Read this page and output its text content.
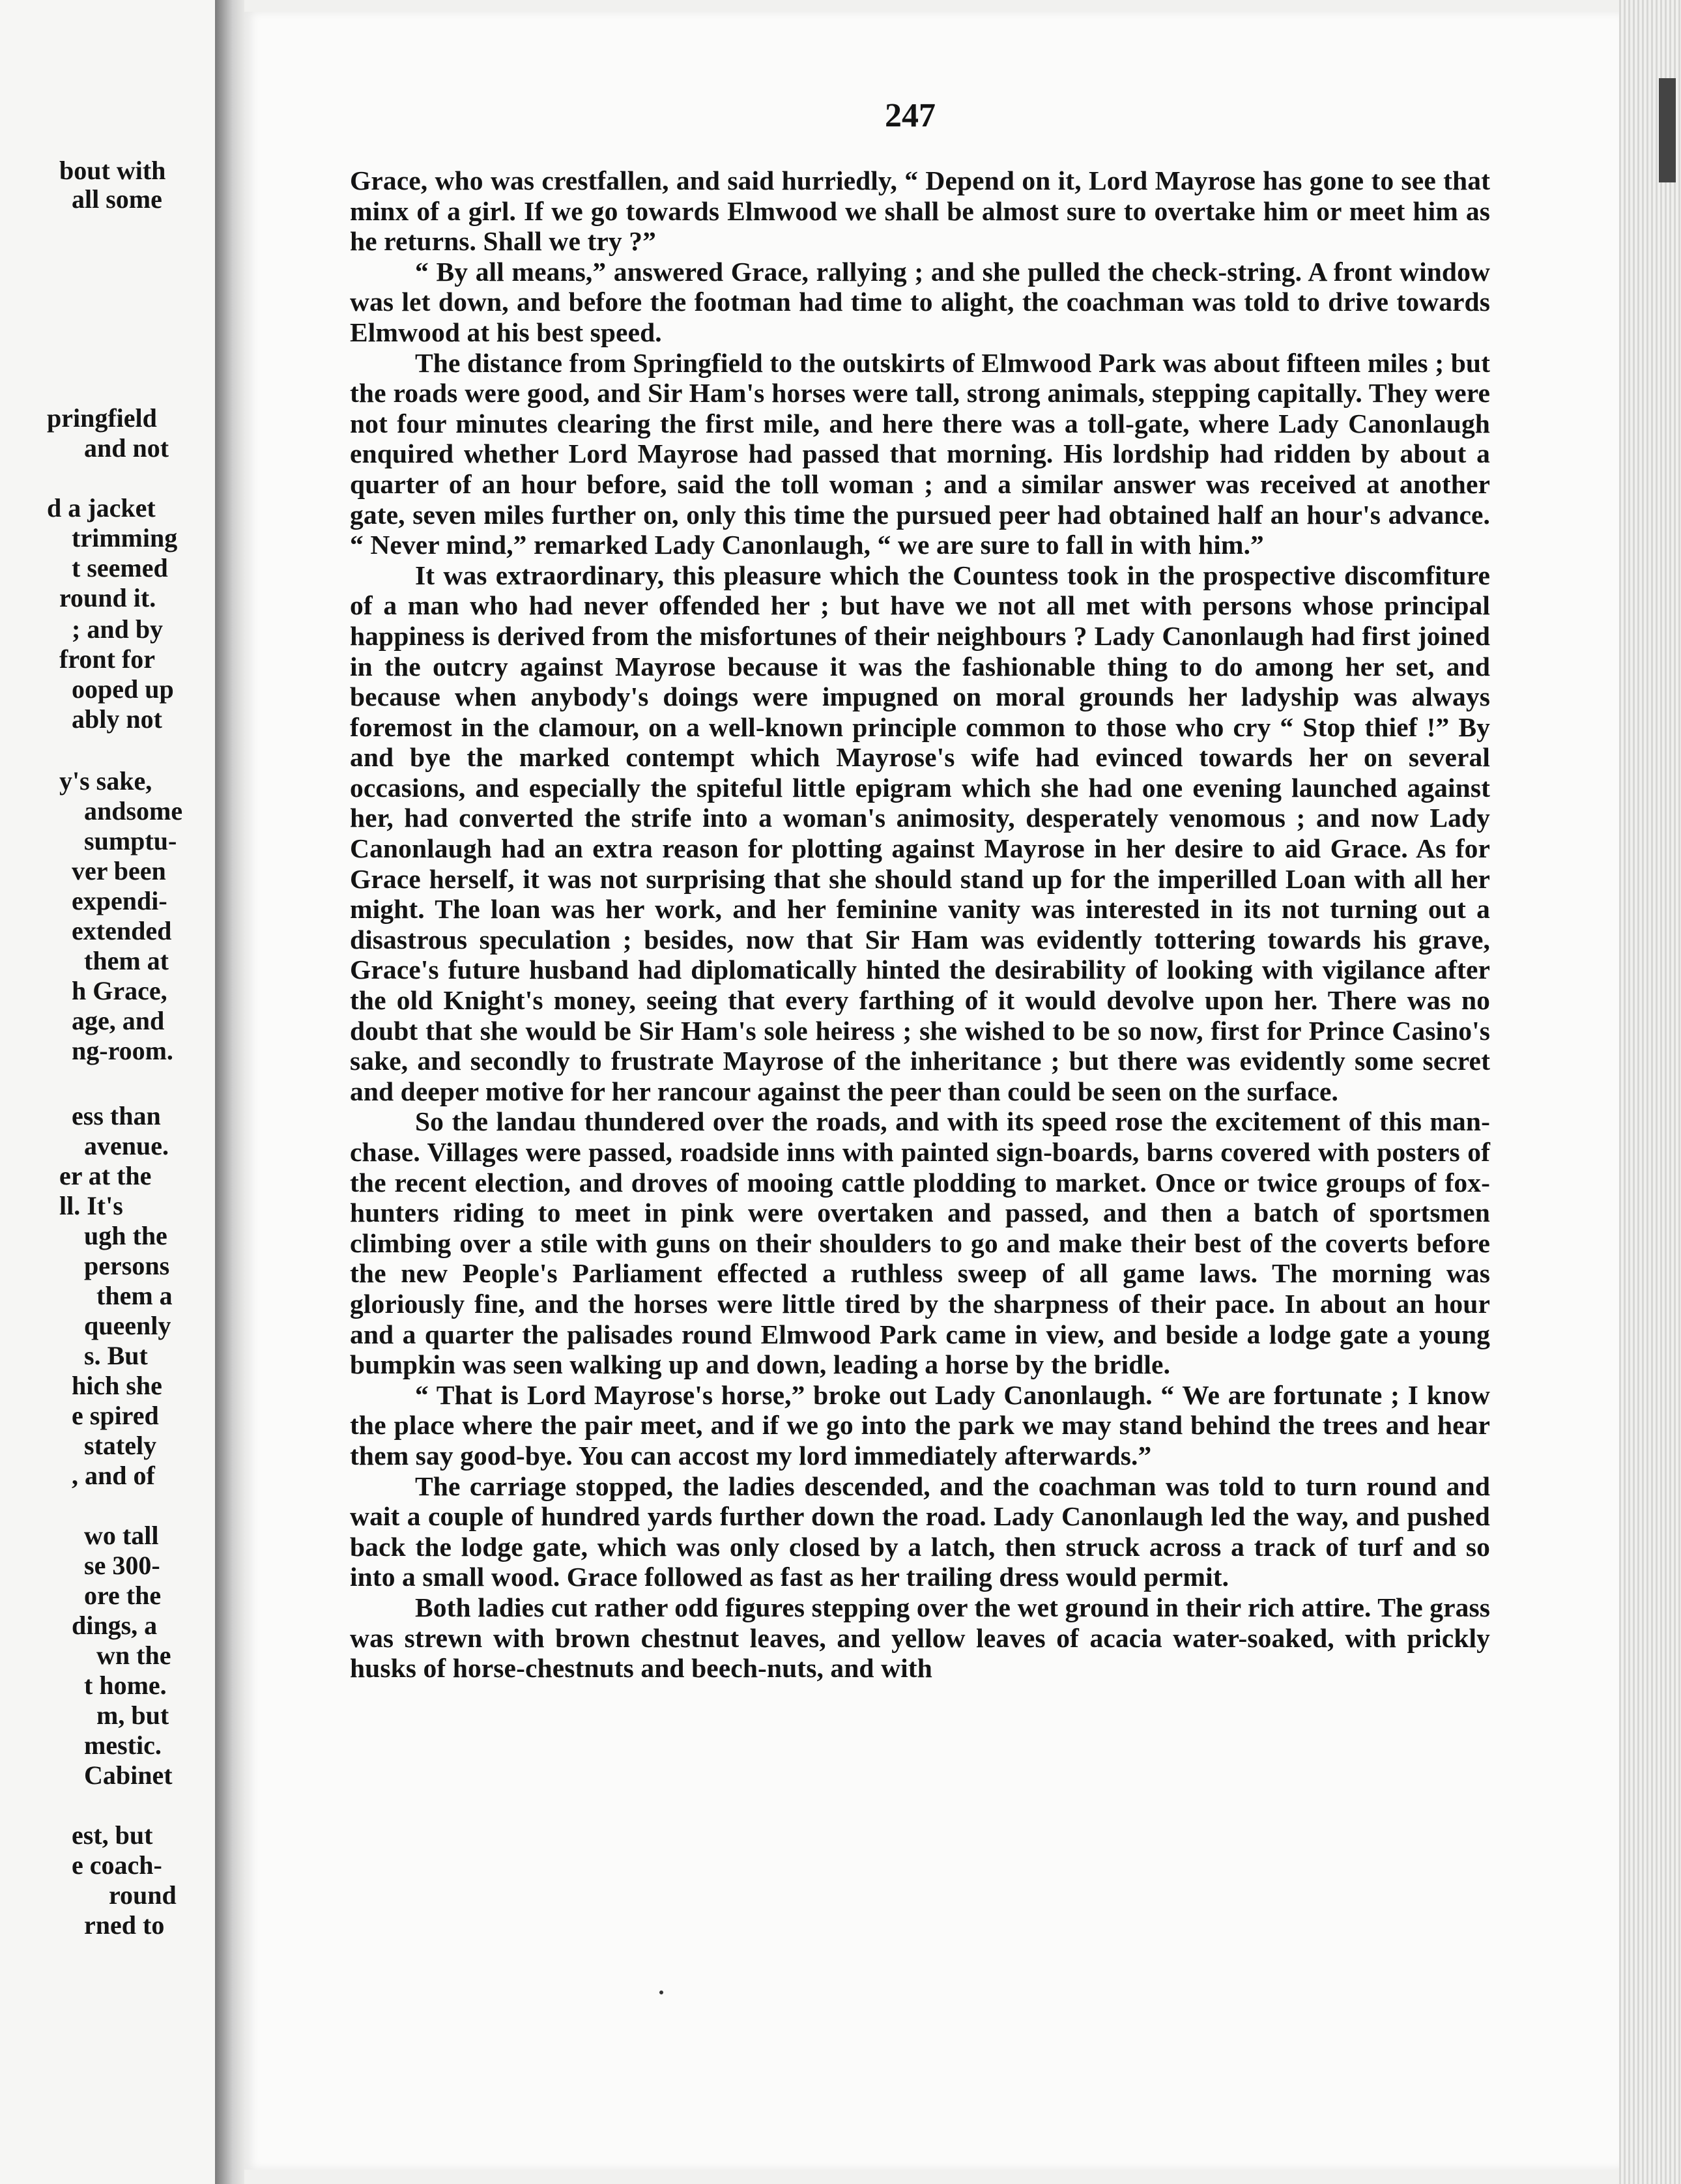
bout with
all some
pringfield
and not
d a jacket
trimming
t seemed
round it.
; and by
front for
ooped up
ably not
y's sake,
andsome
sumptu-
ver been
expendi-
extended
them at
h Grace,
age, and
ng-room.
ess than
avenue.
er at the
ll. It's
ugh the
persons
them a
queenly
s. But
hich she
e spired
stately
, and of
wo tall
se 300-
ore the
dings, a
wn the
t home.
m, but
mestic.
Cabinet
est, but
e coach-
round
rned to
247

Grace, who was crestfallen, and said hurriedly, “ Depend on it, Lord Mayrose has gone to see that minx of a girl. If we go towards Elmwood we shall be almost sure to overtake him or meet him as he returns. Shall we try ?”

“ By all means,” answered Grace, rallying ; and she pulled the check-string. A front window was let down, and before the footman had time to alight, the coachman was told to drive towards Elmwood at his best speed.

The distance from Springfield to the outskirts of Elmwood Park was about fifteen miles ; but the roads were good, and Sir Ham's horses were tall, strong animals, stepping capitally. They were not four minutes clearing the first mile, and here there was a toll-gate, where Lady Canonlaugh enquired whether Lord Mayrose had passed that morning. His lordship had ridden by about a quarter of an hour before, said the toll woman ; and a similar answer was received at another gate, seven miles further on, only this time the pursued peer had obtained half an hour's advance. “ Never mind,” remarked Lady Canonlaugh, “ we are sure to fall in with him.”

It was extraordinary, this pleasure which the Countess took in the prospective discomfiture of a man who had never offended her ; but have we not all met with persons whose principal happiness is derived from the misfortunes of their neighbours ? Lady Canonlaugh had first joined in the outcry against Mayrose because it was the fashionable thing to do among her set, and because when anybody's doings were impugned on moral grounds her ladyship was always foremost in the clamour, on a well-known principle common to those who cry “ Stop thief !” By and bye the marked contempt which Mayrose's wife had evinced towards her on several occasions, and especially the spiteful little epigram which she had one evening launched against her, had converted the strife into a woman's animosity, desperately venomous ; and now Lady Canonlaugh had an extra reason for plotting against Mayrose in her desire to aid Grace. As for Grace herself, it was not surprising that she should stand up for the imperilled Loan with all her might. The loan was her work, and her feminine vanity was interested in its not turning out a disastrous speculation ; besides, now that Sir Ham was evidently tottering towards his grave, Grace's future husband had diplomatically hinted the desirability of looking with vigilance after the old Knight's money, seeing that every farthing of it would devolve upon her. There was no doubt that she would be Sir Ham's sole heiress ; she wished to be so now, first for Prince Casino's sake, and secondly to frustrate Mayrose of the inheritance ; but there was evidently some secret and deeper motive for her rancour against the peer than could be seen on the surface.

So the landau thundered over the roads, and with its speed rose the excitement of this man-chase. Villages were passed, roadside inns with painted sign-boards, barns covered with posters of the recent election, and droves of mooing cattle plodding to market. Once or twice groups of fox-hunters riding to meet in pink were overtaken and passed, and then a batch of sportsmen climbing over a stile with guns on their shoulders to go and make their best of the coverts before the new People's Parliament effected a ruthless sweep of all game laws. The morning was gloriously fine, and the horses were little tired by the sharpness of their pace. In about an hour and a quarter the palisades round Elmwood Park came in view, and beside a lodge gate a young bumpkin was seen walking up and down, leading a horse by the bridle.

“ That is Lord Mayrose's horse,” broke out Lady Canonlaugh. “ We are fortunate ; I know the place where the pair meet, and if we go into the park we may stand behind the trees and hear them say good-bye. You can accost my lord immediately afterwards.”

The carriage stopped, the ladies descended, and the coachman was told to turn round and wait a couple of hundred yards further down the road. Lady Canonlaugh led the way, and pushed back the lodge gate, which was only closed by a latch, then struck across a track of turf and so into a small wood. Grace followed as fast as her trailing dress would permit.

Both ladies cut rather odd figures stepping over the wet ground in their rich attire. The grass was strewn with brown chestnut leaves, and yellow leaves of acacia water-soaked, with prickly husks of horse-chestnuts and beech-nuts, and with
